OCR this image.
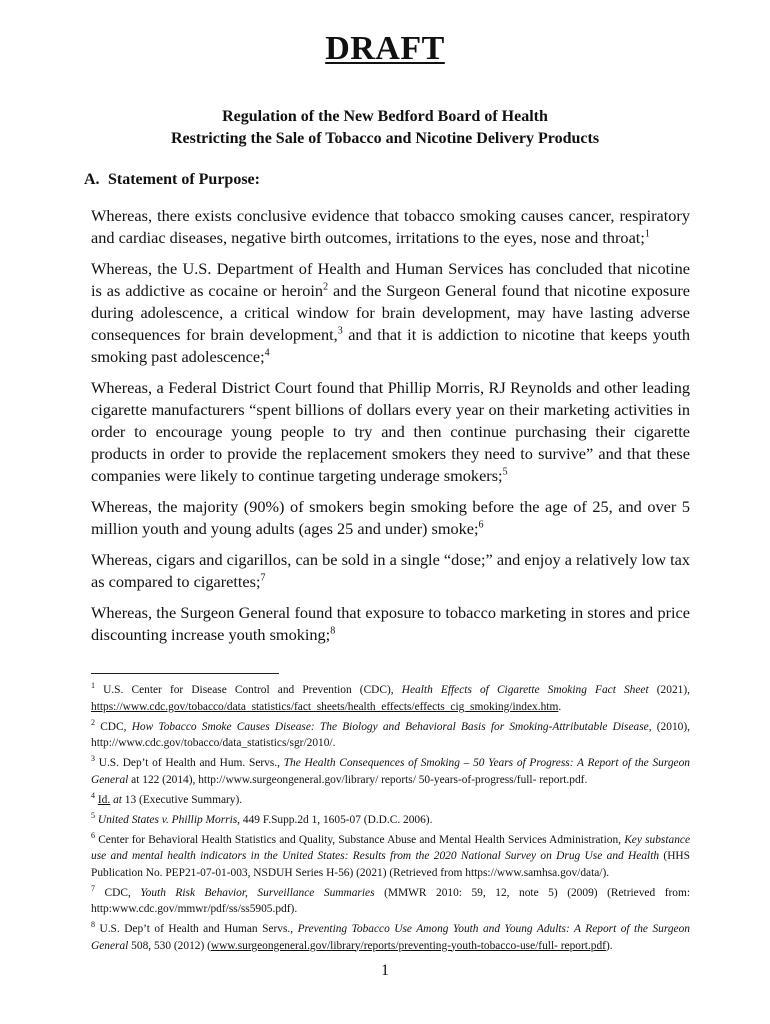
DRAFT
Regulation of the New Bedford Board of Health
Restricting the Sale of Tobacco and Nicotine Delivery Products
A. Statement of Purpose:

Whereas, there exists conclusive evidence that tobacco smoking causes cancer, respiratory and cardiac diseases, negative birth outcomes, irritations to the eyes, nose and throat;$^1$

Whereas, the U.S. Department of Health and Human Services has concluded that nicotine is as addictive as cocaine or heroin$^2$ and the Surgeon General found that nicotine exposure during adolescence, a critical window for brain development, may have lasting adverse consequences for brain development,$^3$ and that it is addiction to nicotine that keeps youth smoking past adolescence;$^4$

Whereas, a Federal District Court found that Phillip Morris, RJ Reynolds and other leading cigarette manufacturers “spent billions of dollars every year on their marketing activities in order to encourage young people to try and then continue purchasing their cigarette products in order to provide the replacement smokers they need to survive” and that these companies were likely to continue targeting underage smokers;$^5$

Whereas, the majority (90%) of smokers begin smoking before the age of 25, and over 5 million youth and young adults (ages 25 and under) smoke;$^6$

Whereas, cigars and cigarillos, can be sold in a single “dose;” and enjoy a relatively low tax as compared to cigarettes;$^7$

Whereas, the Surgeon General found that exposure to tobacco marketing in stores and price discounting increase youth smoking;$^8$

$^1$ U.S. Center for Disease Control and Prevention (CDC), Health Effects of Cigarette Smoking Fact Sheet (2021), https://www.cdc.gov/tobacco/data_statistics/fact_sheets/health_effects/effects_cig_smoking/index.htm.

$^2$ CDC, How Tobacco Smoke Causes Disease: The Biology and Behavioral Basis for Smoking-Attributable Disease, (2010), http://www.cdc.gov/tobacco/data_statistics/sgr/2010/.

$^3$ U.S. Dep’t of Health and Hum. Servs., The Health Consequences of Smoking – 50 Years of Progress: A Report of the Surgeon General at 122 (2014), http://www.surgeongeneral.gov/library/ reports/ 50-years-of-progress/full- report.pdf.

$^4$ Id. at 13 (Executive Summary).

$^5$ United States v. Phillip Morris, 449 F.Supp.2d 1, 1605-07 (D.D.C. 2006).

$^6$ Center for Behavioral Health Statistics and Quality, Substance Abuse and Mental Health Services Administration, Key substance use and mental health indicators in the United States: Results from the 2020 National Survey on Drug Use and Health (HHS Publication No. PEP21-07-01-003, NSDUH Series H-56) (2021) (Retrieved from https://www.samhsa.gov/data/).

$^7$ CDC, Youth Risk Behavior, Surveillance Summaries (MMWR 2010: 59, 12, note 5) (2009) (Retrieved from: http:www.cdc.gov/mmwr/pdf/ss/ss5905.pdf).

$^8$ U.S. Dep’t of Health and Human Servs., Preventing Tobacco Use Among Youth and Young Adults: A Report of the Surgeon General 508, 530 (2012) (www.surgeongeneral.gov/library/reports/preventing-youth-tobacco-use/full- report.pdf).

1
